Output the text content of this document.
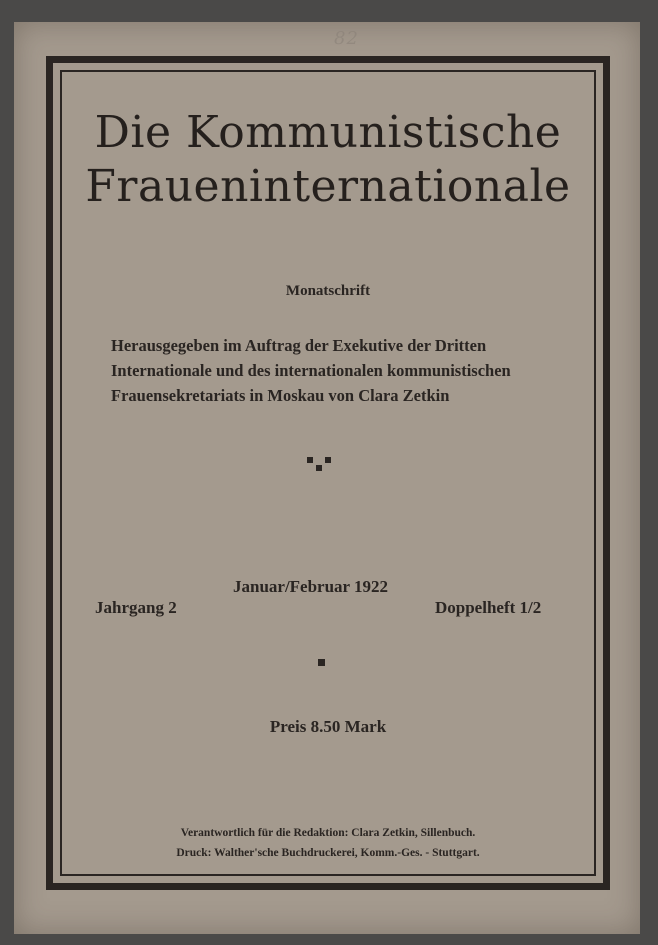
82
Die Kommunistische
Fraueninternationale
Monatschrift
Herausgegeben im Auftrag der Exekutive der Dritten
Internationale und des internationalen kommunistischen
Frauensekretariats in Moskau von Clara Zetkin
Januar/Februar 1922
Jahrgang 2	Doppelheft 1/2
Preis 8.50 Mark
Verantwortlich für die Redaktion: Clara Zetkin, Sillenbuch.
Druck: Walther'sche Buchdruckerei, Komm.-Ges. - Stuttgart.
